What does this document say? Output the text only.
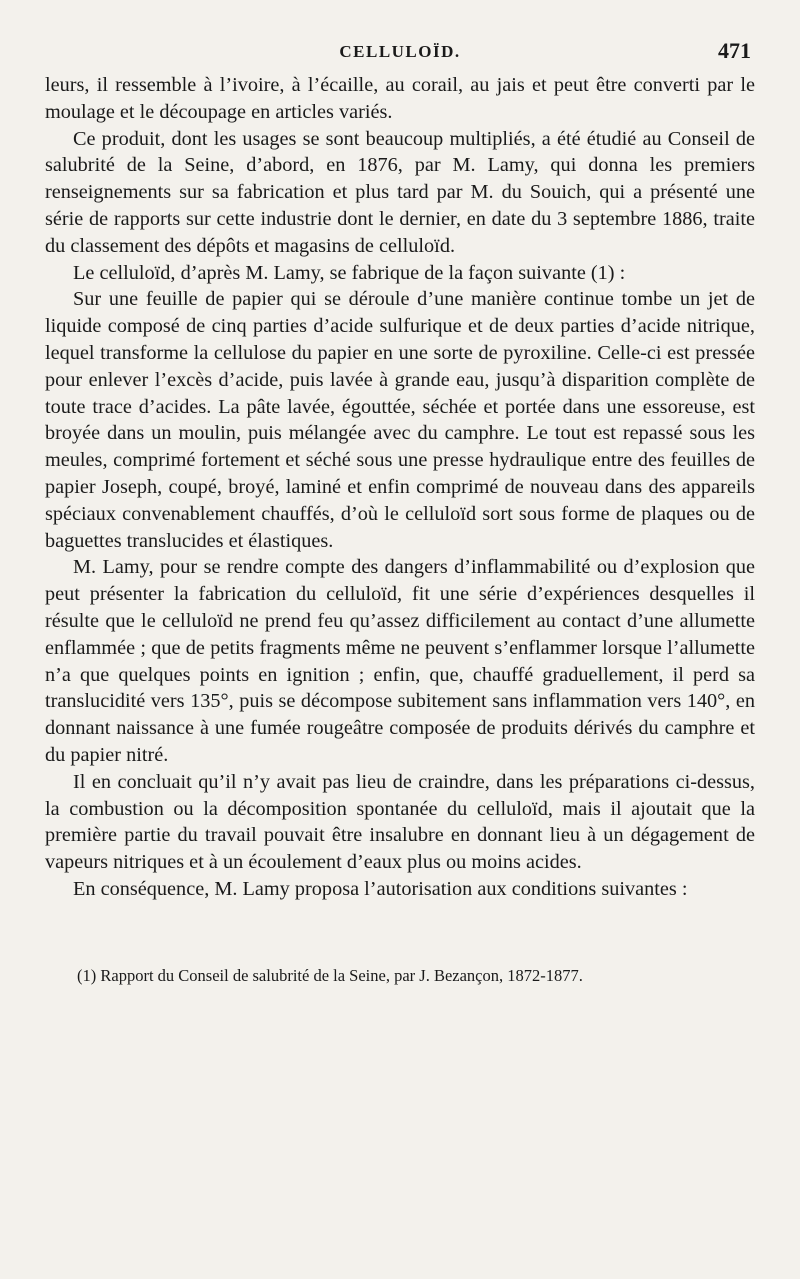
CELLULOÏD.	471

leurs, il ressemble à l’ivoire, à l’écaille, au corail, au jais et peut être converti par le moulage et le découpage en articles variés.

Ce produit, dont les usages se sont beaucoup multipliés, a été étudié au Conseil de salubrité de la Seine, d’abord, en 1876, par M. Lamy, qui donna les premiers renseignements sur sa fabrication et plus tard par M. du Souich, qui a présenté une série de rapports sur cette industrie dont le dernier, en date du 3 septembre 1886, traite du classement des dépôts et magasins de celluloïd.

Le celluloïd, d’après M. Lamy, se fabrique de la façon suivante (1) :

Sur une feuille de papier qui se déroule d’une manière continue tombe un jet de liquide composé de cinq parties d’acide sulfurique et de deux parties d’acide nitrique, lequel transforme la cellulose du papier en une sorte de pyroxiline. Celle-ci est pressée pour enlever l’excès d’acide, puis lavée à grande eau, jusqu’à disparition complète de toute trace d’acides. La pâte lavée, égouttée, séchée et portée dans une essoreuse, est broyée dans un moulin, puis mélangée avec du camphre. Le tout est repassé sous les meules, comprimé fortement et séché sous une presse hydraulique entre des feuilles de papier Joseph, coupé, broyé, laminé et enfin comprimé de nouveau dans des appareils spéciaux convenablement chauffés, d’où le celluloïd sort sous forme de plaques ou de baguettes translucides et élastiques.

M. Lamy, pour se rendre compte des dangers d’inflammabilité ou d’explosion que peut présenter la fabrication du celluloïd, fit une série d’expériences desquelles il résulte que le celluloïd ne prend feu qu’assez difficilement au contact d’une allumette enflammée ; que de petits fragments même ne peuvent s’enflammer lorsque l’allumette n’a que quelques points en ignition ; enfin, que, chauffé graduellement, il perd sa translucidité vers 135°, puis se décompose subitement sans inflammation vers 140°, en donnant naissance à une fumée rougeâtre composée de produits dérivés du camphre et du papier nitré.

Il en concluait qu’il n’y avait pas lieu de craindre, dans les préparations ci-dessus, la combustion ou la décomposition spontanée du celluloïd, mais il ajoutait que la première partie du travail pouvait être insalubre en donnant lieu à un dégagement de vapeurs nitriques et à un écoulement d’eaux plus ou moins acides.

En conséquence, M. Lamy proposa l’autorisation aux conditions suivantes :

(1) Rapport du Conseil de salubrité de la Seine, par J. Bezançon, 1872-1877.
